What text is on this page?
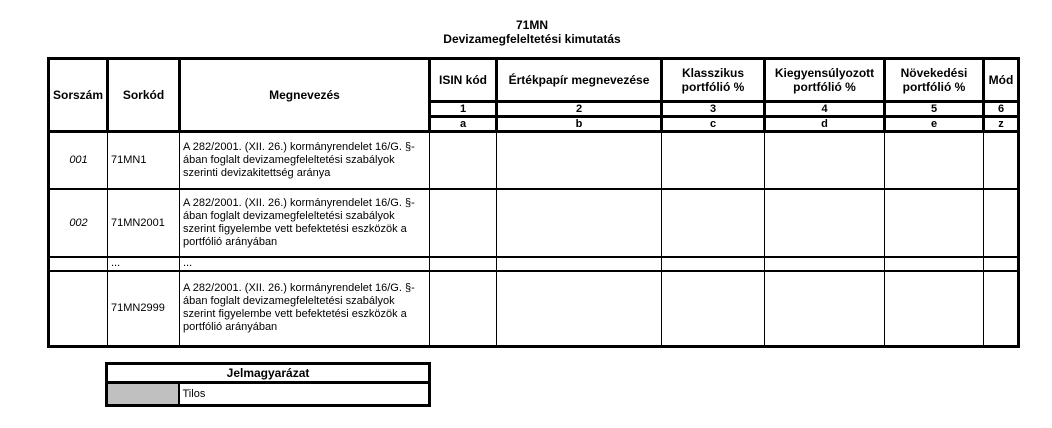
71MN
Devizamegfeleltetési kimutatás
Sorszám	Sorkód	Megnevezés	ISIN kód	Értékpapír megnevezése	Klasszikus portfólió %	Kiegyensúlyozott portfólió %	Növekedési portfólió %	Mód
			1	2	3	4	5	6
			a	b	c	d	e	z
001	71MN1	A 282/2001. (XII. 26.) kormányrendelet 16/G. §-ában foglalt devizamegfeleltetési szabályok szerinti devizakitettség aránya						
002	71MN2001	A 282/2001. (XII. 26.) kormányrendelet 16/G. §-ában foglalt devizamegfeleltetési szabályok szerint figyelembe vett befektetési eszközök a portfólió arányában						
	...	...						
	71MN2999	A 282/2001. (XII. 26.) kormányrendelet 16/G. §-ában foglalt devizamegfeleltetési szabályok szerint figyelembe vett befektetési eszközök a portfólió arányában						
Jelmagyarázat
	Tilos
